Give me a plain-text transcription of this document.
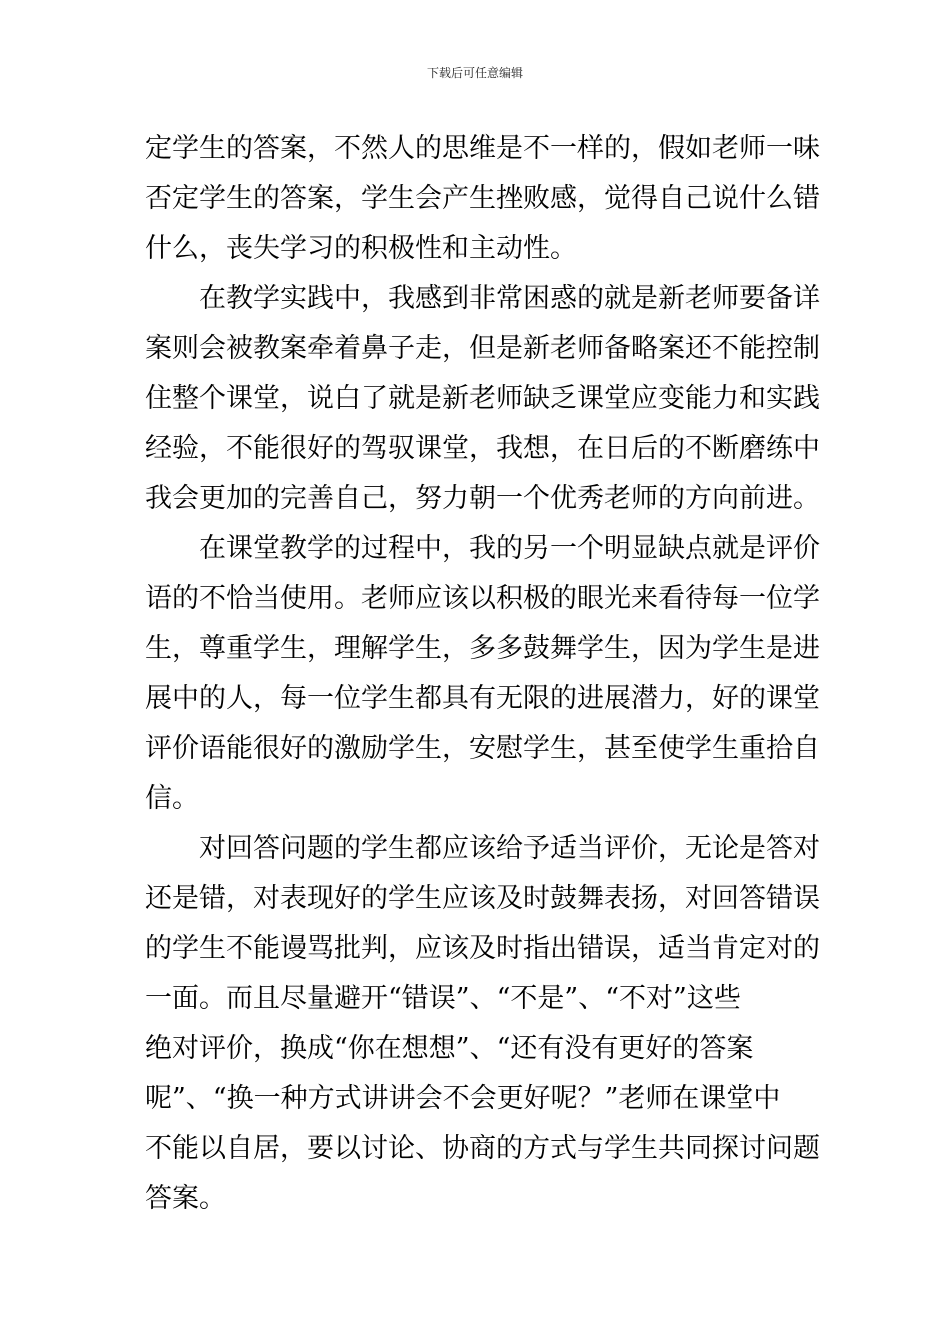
下载后可任意编辑
定学生的答案，不然人的思维是不一样的，假如老师一味
否定学生的答案，学生会产生挫败感，觉得自己说什么错
什么，丧失学习的积极性和主动性。
在教学实践中，我感到非常困惑的就是新老师要备详
案则会被教案牵着鼻子走，但是新老师备略案还不能控制
住整个课堂，说白了就是新老师缺乏课堂应变能力和实践
经验，不能很好的驾驭课堂，我想，在日后的不断磨练中
我会更加的完善自己，努力朝一个优秀老师的方向前进。
在课堂教学的过程中，我的另一个明显缺点就是评价
语的不恰当使用。老师应该以积极的眼光来看待每一位学
生，尊重学生，理解学生，多多鼓舞学生，因为学生是进
展中的人，每一位学生都具有无限的进展潜力，好的课堂
评价语能很好的激励学生，安慰学生，甚至使学生重拾自
信。
对回答问题的学生都应该给予适当评价，无论是答对
还是错，对表现好的学生应该及时鼓舞表扬，对回答错误
的学生不能谩骂批判，应该及时指出错误，适当肯定对的
一面。而且尽量避开“错误”、“不是”、“不对”这些
绝对评价，换成“你在想想”、“还有没有更好的答案
呢”、“换一种方式讲讲会不会更好呢？”老师在课堂中
不能以自居，要以讨论、协商的方式与学生共同探讨问题
答案。
